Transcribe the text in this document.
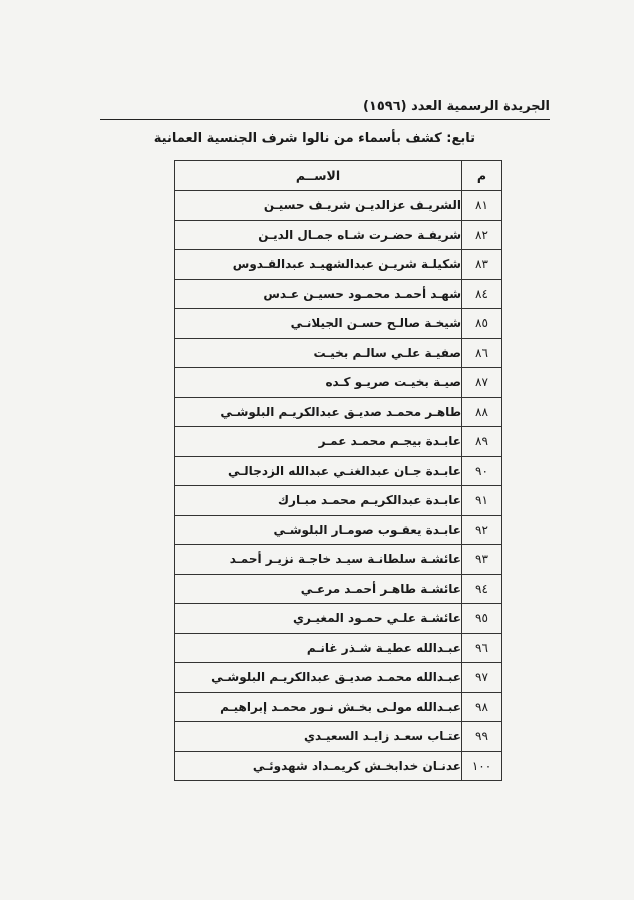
الجريدة الرسمية العدد (١٥٩٦)
تابع: كشف بأسماء من نالوا شرف الجنسية العمانية
م	الاســم
٨١	الشريـف عزالديـن شريـف حسيـن
٨٢	شريفـة حضـرت شـاه جمـال الديـن
٨٣	شكيلـة شريـن عبدالشهيـد عبدالقـدوس
٨٤	شهـد أحمـد محمـود حسيـن عـدس
٨٥	شيخـة صالـح حسـن الجيلانـي
٨٦	صفيـة علـي سالـم بخيـت
٨٧	صيـة بخيـت صريـو كـده
٨٨	طاهـر محمـد صديـق عبدالكريـم البلوشـي
٨٩	عابـدة بيجـم محمـد عمـر
٩٠	عابـدة جـان عبدالغنـي عبدالله الزدجالـي
٩١	عابـدة عبدالكريـم محمـد مبـارك
٩٢	عابـدة يعقـوب صومـار البلوشـي
٩٣	عائشـة سلطانـة سيـد خاجـة نزيـر أحمـد
٩٤	عائشـة طاهـر أحمـد مرعـي
٩٥	عائشـة علـي حمـود المغيـري
٩٦	عبـدالله عطيـة شـذر غانـم
٩٧	عبـدالله محمـد صديـق عبدالكريـم البلوشـي
٩٨	عبـدالله مولـى بخـش نـور محمـد إبراهيـم
٩٩	عتـاب سعـد زايـد السعيـدي
١٠٠	عدنـان خدابخـش كريمـداد شهدوئـي
